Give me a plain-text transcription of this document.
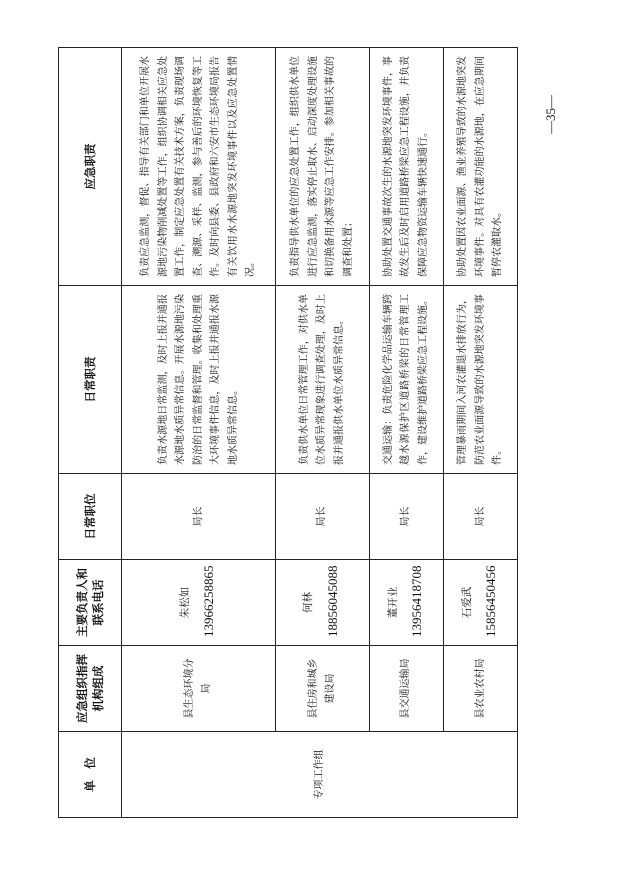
单　位	应急组织指挥机构组成	主要负责人和联系电话	日常职位	日常职责	应急职责
专项工作组	县生态环境分局	朱松如 13966258865	局长	负责水源地日常监测，及时上报并通报水源地水质异常信息。开展水源地污染防治的日常监督和管理。收集和处理重大环境事件信息，及时上报并通报水源地水质异常信息。	负责应急监测，督促、指导有关部门和单位开展水源地污染物削减处置等工作，组织协调相关应急处置工作，制定应急处置有关技术方案，负责现场调查、溯源、采样、监测，参与善后的环境恢复等工作。及时向县委、县政府和六安市生态环境局报告有关饮用水水源地突发环境事件以及应急处置情况。
	县住房和城乡建设局	何林 18856045088	局长	负责供水单位日常管理工作，对供水单位水质异常现象进行调查处理，及时上报并通报供水单位水质异常信息。	负责指导供水单位的应急处置工作，组织供水单位进行应急监测，落实停止取水、启动深度处理设施和切换备用水源等应急工作安排。参加相关事故的调查和处置；
	县交通运输局	董开业 13956418708	局长	交通运输：负责危险化学品运输车辆跨越水源保护区道路桥梁的日常管理工作，建设维护道路桥梁应急工程设施。	协助处置交通事故次生的水源地突发环境事件，事故发生后及时启用道路桥梁应急工程设施，并负责保障应急物资运输车辆快速通行。
	县农业农村局	石爱武 15856450456	局长	管理暴雨期间入河农灌退水排放行为，防范农业面源导致的水源地突发环境事件。	协助处置因农业面源、渔业养殖导致的水源地突发环境事件。对具有农灌功能的水源地，在应急期间暂停农灌取水。
—35—
